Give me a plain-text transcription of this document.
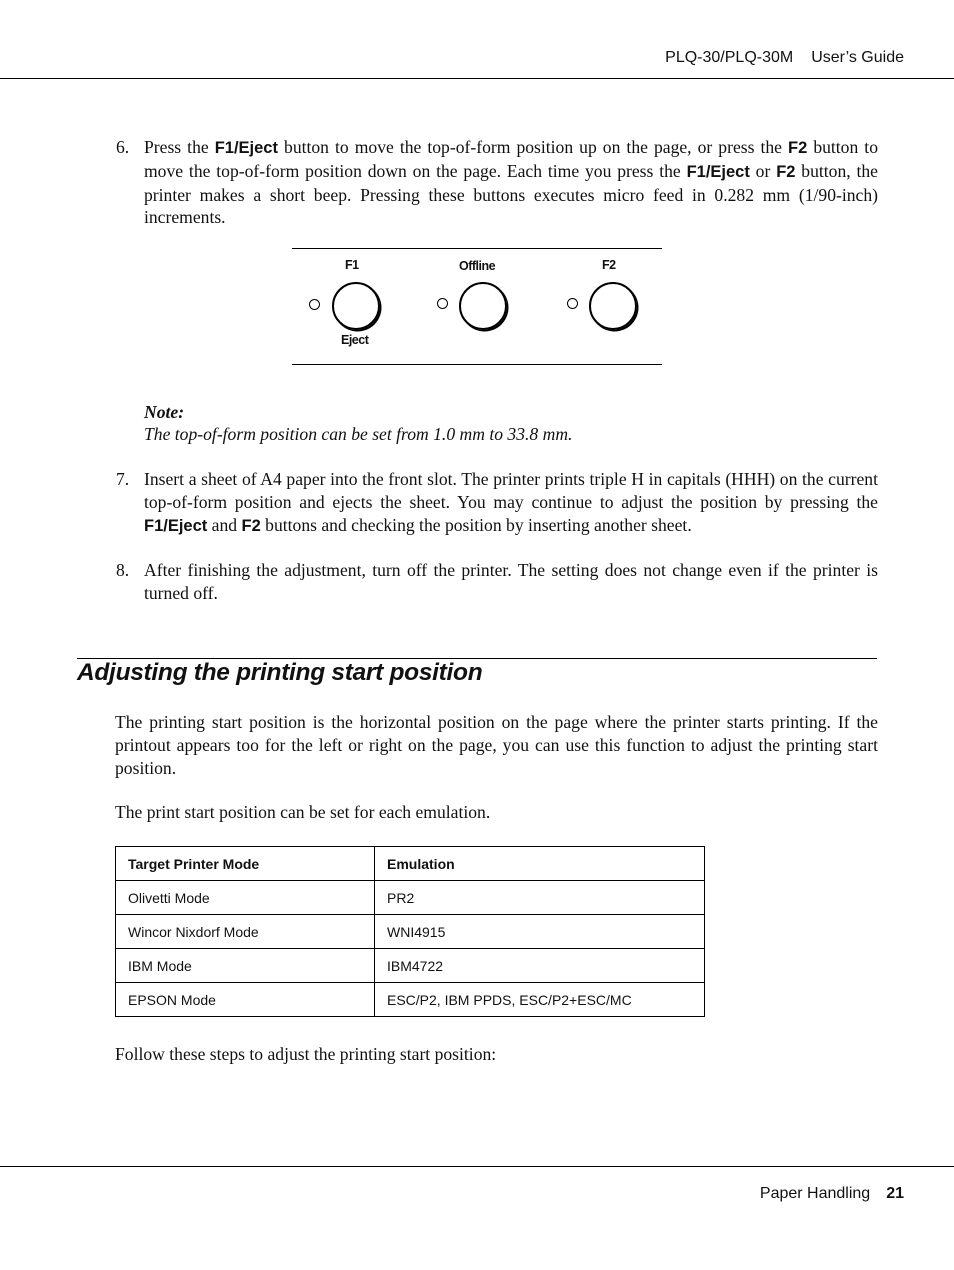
PLQ-30/PLQ-30M User’s Guide
6. Press the F1/Eject button to move the top-of-form position up on the page, or press the F2 button to move the top-of-form position down on the page. Each time you press the F1/Eject or F2 button, the printer makes a short beep. Pressing these buttons executes micro feed in 0.282 mm (1/90-inch) increments.
F1	Offline	F2
Eject
Note:
The top-of-form position can be set from 1.0 mm to 33.8 mm.
7. Insert a sheet of A4 paper into the front slot. The printer prints triple H in capitals (HHH) on the current top-of-form position and ejects the sheet. You may continue to adjust the position by pressing the F1/Eject and F2 buttons and checking the position by inserting another sheet.
8. After finishing the adjustment, turn off the printer. The setting does not change even if the printer is turned off.
Adjusting the printing start position
The printing start position is the horizontal position on the page where the printer starts printing. If the printout appears too for the left or right on the page, you can use this function to adjust the printing start position.
The print start position can be set for each emulation.
Target Printer Mode	Emulation
Olivetti Mode	PR2
Wincor Nixdorf Mode	WNI4915
IBM Mode	IBM4722
EPSON Mode	ESC/P2, IBM PPDS, ESC/P2+ESC/MC
Follow these steps to adjust the printing start position:
Paper Handling 21
